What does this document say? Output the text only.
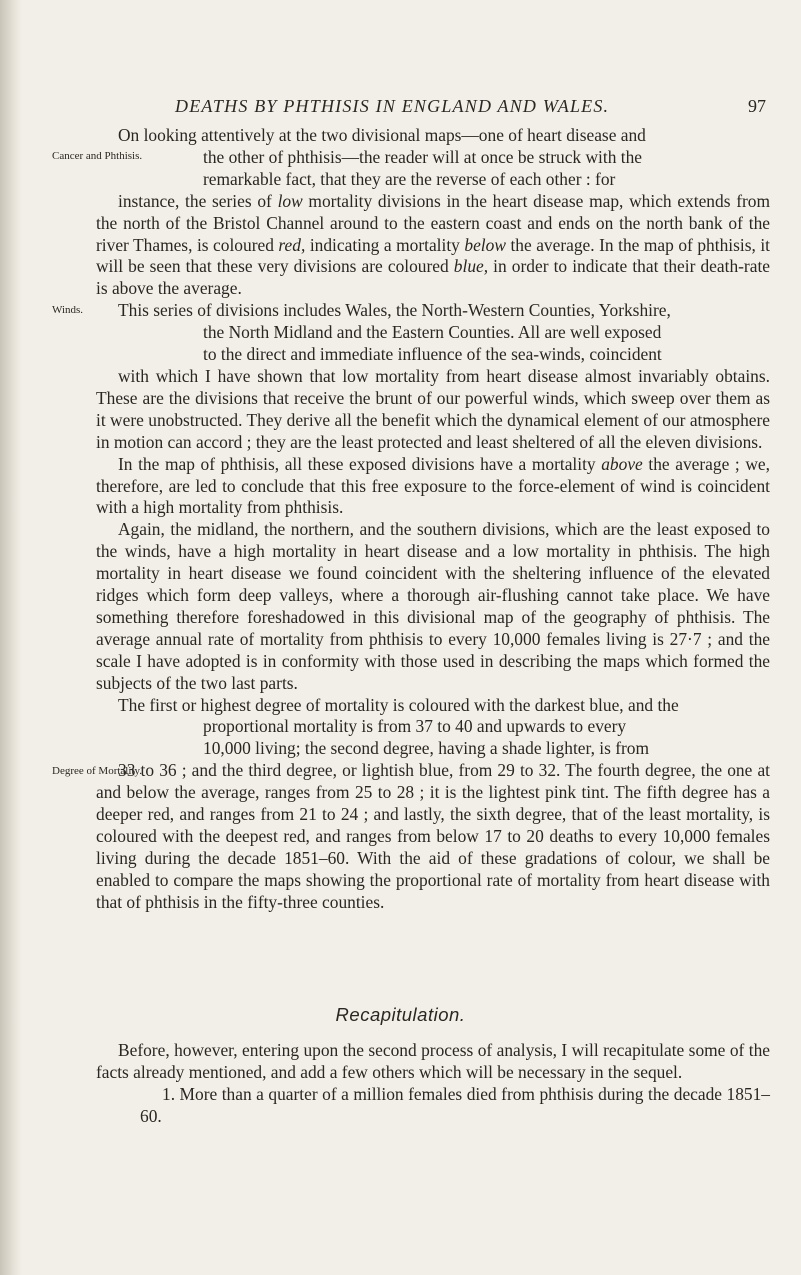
DEATHS BY PHTHISIS IN ENGLAND AND WALES.	97
Cancer and Phthisis.
Winds.
Degree of Mortality.

On looking attentively at the two divisional maps—one of heart disease and
the other of phthisis—the reader will at once be struck with the
remarkable fact, that they are the reverse of each other : for
instance, the series of low mortality divisions in the heart disease map, which extends from the north of the Bristol Channel around to the eastern coast and ends on the north bank of the river Thames, is coloured red, indicating a mortality below the average. In the map of phthisis, it will be seen that these very divisions are coloured blue, in order to indicate that their death-rate is above the average.

This series of divisions includes Wales, the North-Western Counties, Yorkshire,
the North Midland and the Eastern Counties. All are well exposed
to the direct and immediate influence of the sea-winds, coincident
with which I have shown that low mortality from heart disease almost invariably obtains. These are the divisions that receive the brunt of our powerful winds, which sweep over them as it were unobstructed. They derive all the benefit which the dynamical element of our atmosphere in motion can accord ; they are the least protected and least sheltered of all the eleven divisions.

In the map of phthisis, all these exposed divisions have a mortality above the average ; we, therefore, are led to conclude that this free exposure to the force-element of wind is coincident with a high mortality from phthisis.

Again, the midland, the northern, and the southern divisions, which are the least exposed to the winds, have a high mortality in heart disease and a low mortality in phthisis. The high mortality in heart disease we found coincident with the sheltering influence of the elevated ridges which form deep valleys, where a thorough air-flushing cannot take place. We have something therefore foreshadowed in this divisional map of the geography of phthisis. The average annual rate of mortality from phthisis to every 10,000 females living is 27·7 ; and the scale I have adopted is in conformity with those used in describing the maps which formed the subjects of the two last parts.

The first or highest degree of mortality is coloured with the darkest blue, and the
proportional mortality is from 37 to 40 and upwards to every
10,000 living; the second degree, having a shade lighter, is from
33 to 36 ; and the third degree, or lightish blue, from 29 to 32. The fourth degree, the one at and below the average, ranges from 25 to 28 ; it is the lightest pink tint. The fifth degree has a deeper red, and ranges from 21 to 24 ; and lastly, the sixth degree, that of the least mortality, is coloured with the deepest red, and ranges from below 17 to 20 deaths to every 10,000 females living during the decade 1851–60. With the aid of these gradations of colour, we shall be enabled to compare the maps showing the proportional rate of mortality from heart disease with that of phthisis in the fifty-three counties.

Recapitulation.

Before, however, entering upon the second process of analysis, I will recapitulate some of the facts already mentioned, and add a few others which will be necessary in the sequel.

1. More than a quarter of a million females died from phthisis during the decade 1851–60.
